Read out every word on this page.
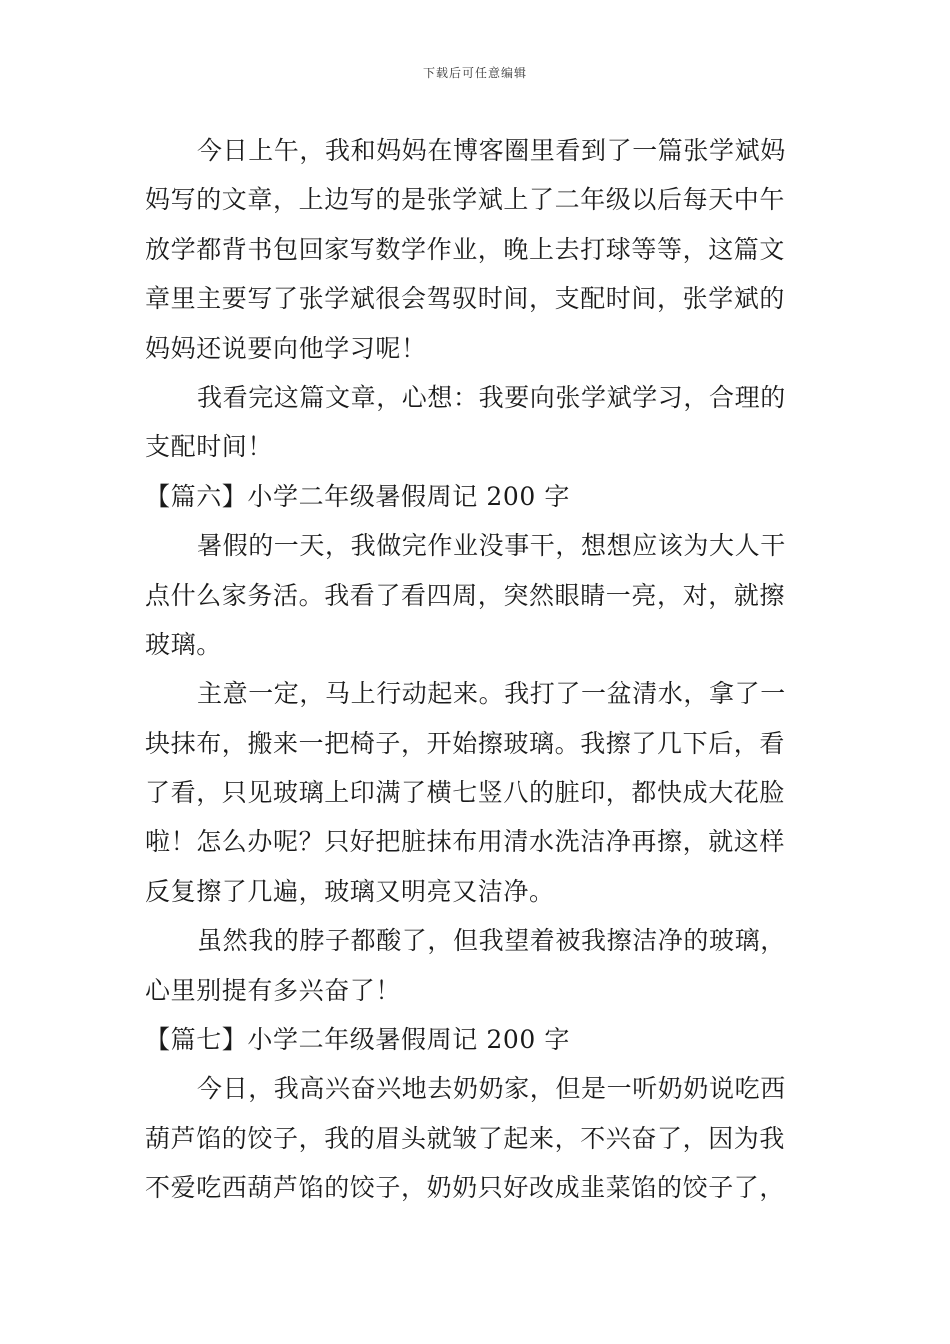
下载后可任意编辑
今日上午，我和妈妈在博客圈里看到了一篇张学斌妈
妈写的文章，上边写的是张学斌上了二年级以后每天中午
放学都背书包回家写数学作业，晚上去打球等等，这篇文
章里主要写了张学斌很会驾驭时间，支配时间，张学斌的
妈妈还说要向他学习呢！
我看完这篇文章，心想：我要向张学斌学习，合理的
支配时间！
【篇六】小学二年级暑假周记 200 字
暑假的一天，我做完作业没事干，想想应该为大人干
点什么家务活。我看了看四周，突然眼睛一亮，对，就擦
玻璃。
主意一定，马上行动起来。我打了一盆清水，拿了一
块抹布，搬来一把椅子，开始擦玻璃。我擦了几下后，看
了看，只见玻璃上印满了横七竖八的脏印，都快成大花脸
啦！怎么办呢？只好把脏抹布用清水洗洁净再擦，就这样
反复擦了几遍，玻璃又明亮又洁净。
虽然我的脖子都酸了，但我望着被我擦洁净的玻璃，
心里别提有多兴奋了！
【篇七】小学二年级暑假周记 200 字
今日，我高兴奋兴地去奶奶家，但是一听奶奶说吃西
葫芦馅的饺子，我的眉头就皱了起来，不兴奋了，因为我
不爱吃西葫芦馅的饺子，奶奶只好改成韭菜馅的饺子了，
